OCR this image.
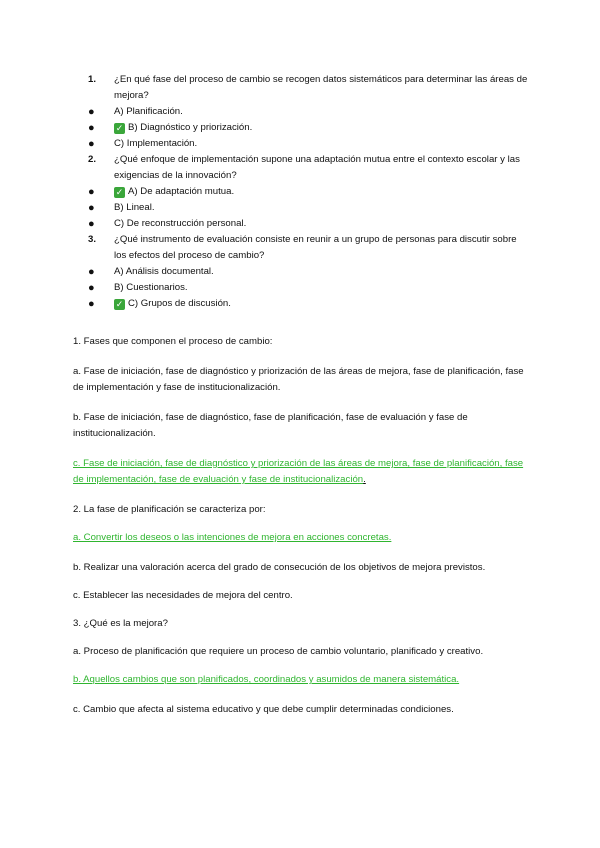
1.	¿En qué fase del proceso de cambio se recogen datos sistemáticos para determinar las áreas de mejora?
●	A) Planificación.
●	✓ B) Diagnóstico y priorización.
●	C) Implementación.
2.	¿Qué enfoque de implementación supone una adaptación mutua entre el contexto escolar y las exigencias de la innovación?
●	✓ A) De adaptación mutua.
●	B) Lineal.
●	C) De reconstrucción personal.
3.	¿Qué instrumento de evaluación consiste en reunir a un grupo de personas para discutir sobre los efectos del proceso de cambio?
●	A) Análisis documental.
●	B) Cuestionarios.
●	✓ C) Grupos de discusión.

1. Fases que componen el proceso de cambio:

a. Fase de iniciación, fase de diagnóstico y priorización de las áreas de mejora, fase de planificación, fase de implementación y fase de institucionalización.

b. Fase de iniciación, fase de diagnóstico, fase de planificación, fase de evaluación y fase de institucionalización.

c. Fase de iniciación, fase de diagnóstico y priorización de las áreas de mejora, fase de planificación, fase de implementación, fase de evaluación y fase de institucionalización.

2. La fase de planificación se caracteriza por:

a. Convertir los deseos o las intenciones de mejora en acciones concretas.

b. Realizar una valoración acerca del grado de consecución de los objetivos de mejora previstos.

c. Establecer las necesidades de mejora del centro.

3. ¿Qué es la mejora?

a. Proceso de planificación que requiere un proceso de cambio voluntario, planificado y creativo.

b. Aquellos cambios que son planificados, coordinados y asumidos de manera sistemática.

c. Cambio que afecta al sistema educativo y que debe cumplir determinadas condiciones.
